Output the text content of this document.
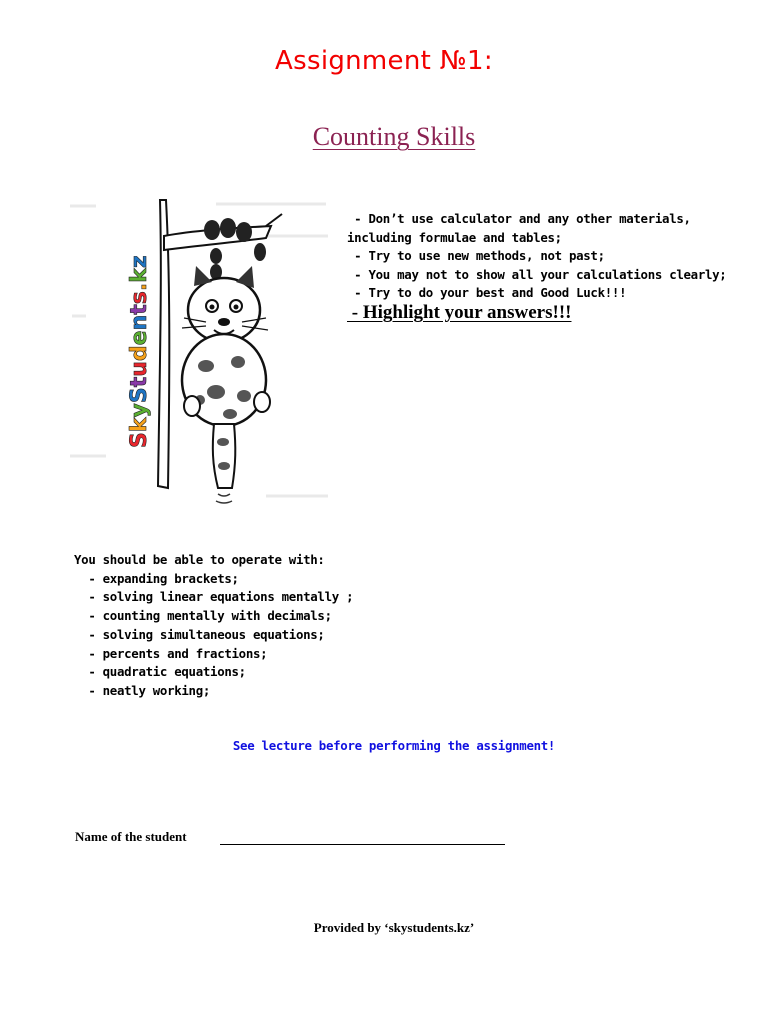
Assignment №1:
Counting Skills
SkyStudents.kz
- Don’t use calculator and any other materials,
including formulae and tables;
- Try to use new methods, not past;
- You may not to show all your calculations clearly;
- Try to do your best and Good Luck!!!
- Highlight your answers!!!
You should be able to operate with:
- expanding brackets;
- solving linear equations mentally ;
- counting mentally with decimals;
- solving simultaneous equations;
- percents and fractions;
- quadratic equations;
- neatly working;
See lecture before performing the assignment!
Name of the student
Provided by ‘skystudents.kz’
